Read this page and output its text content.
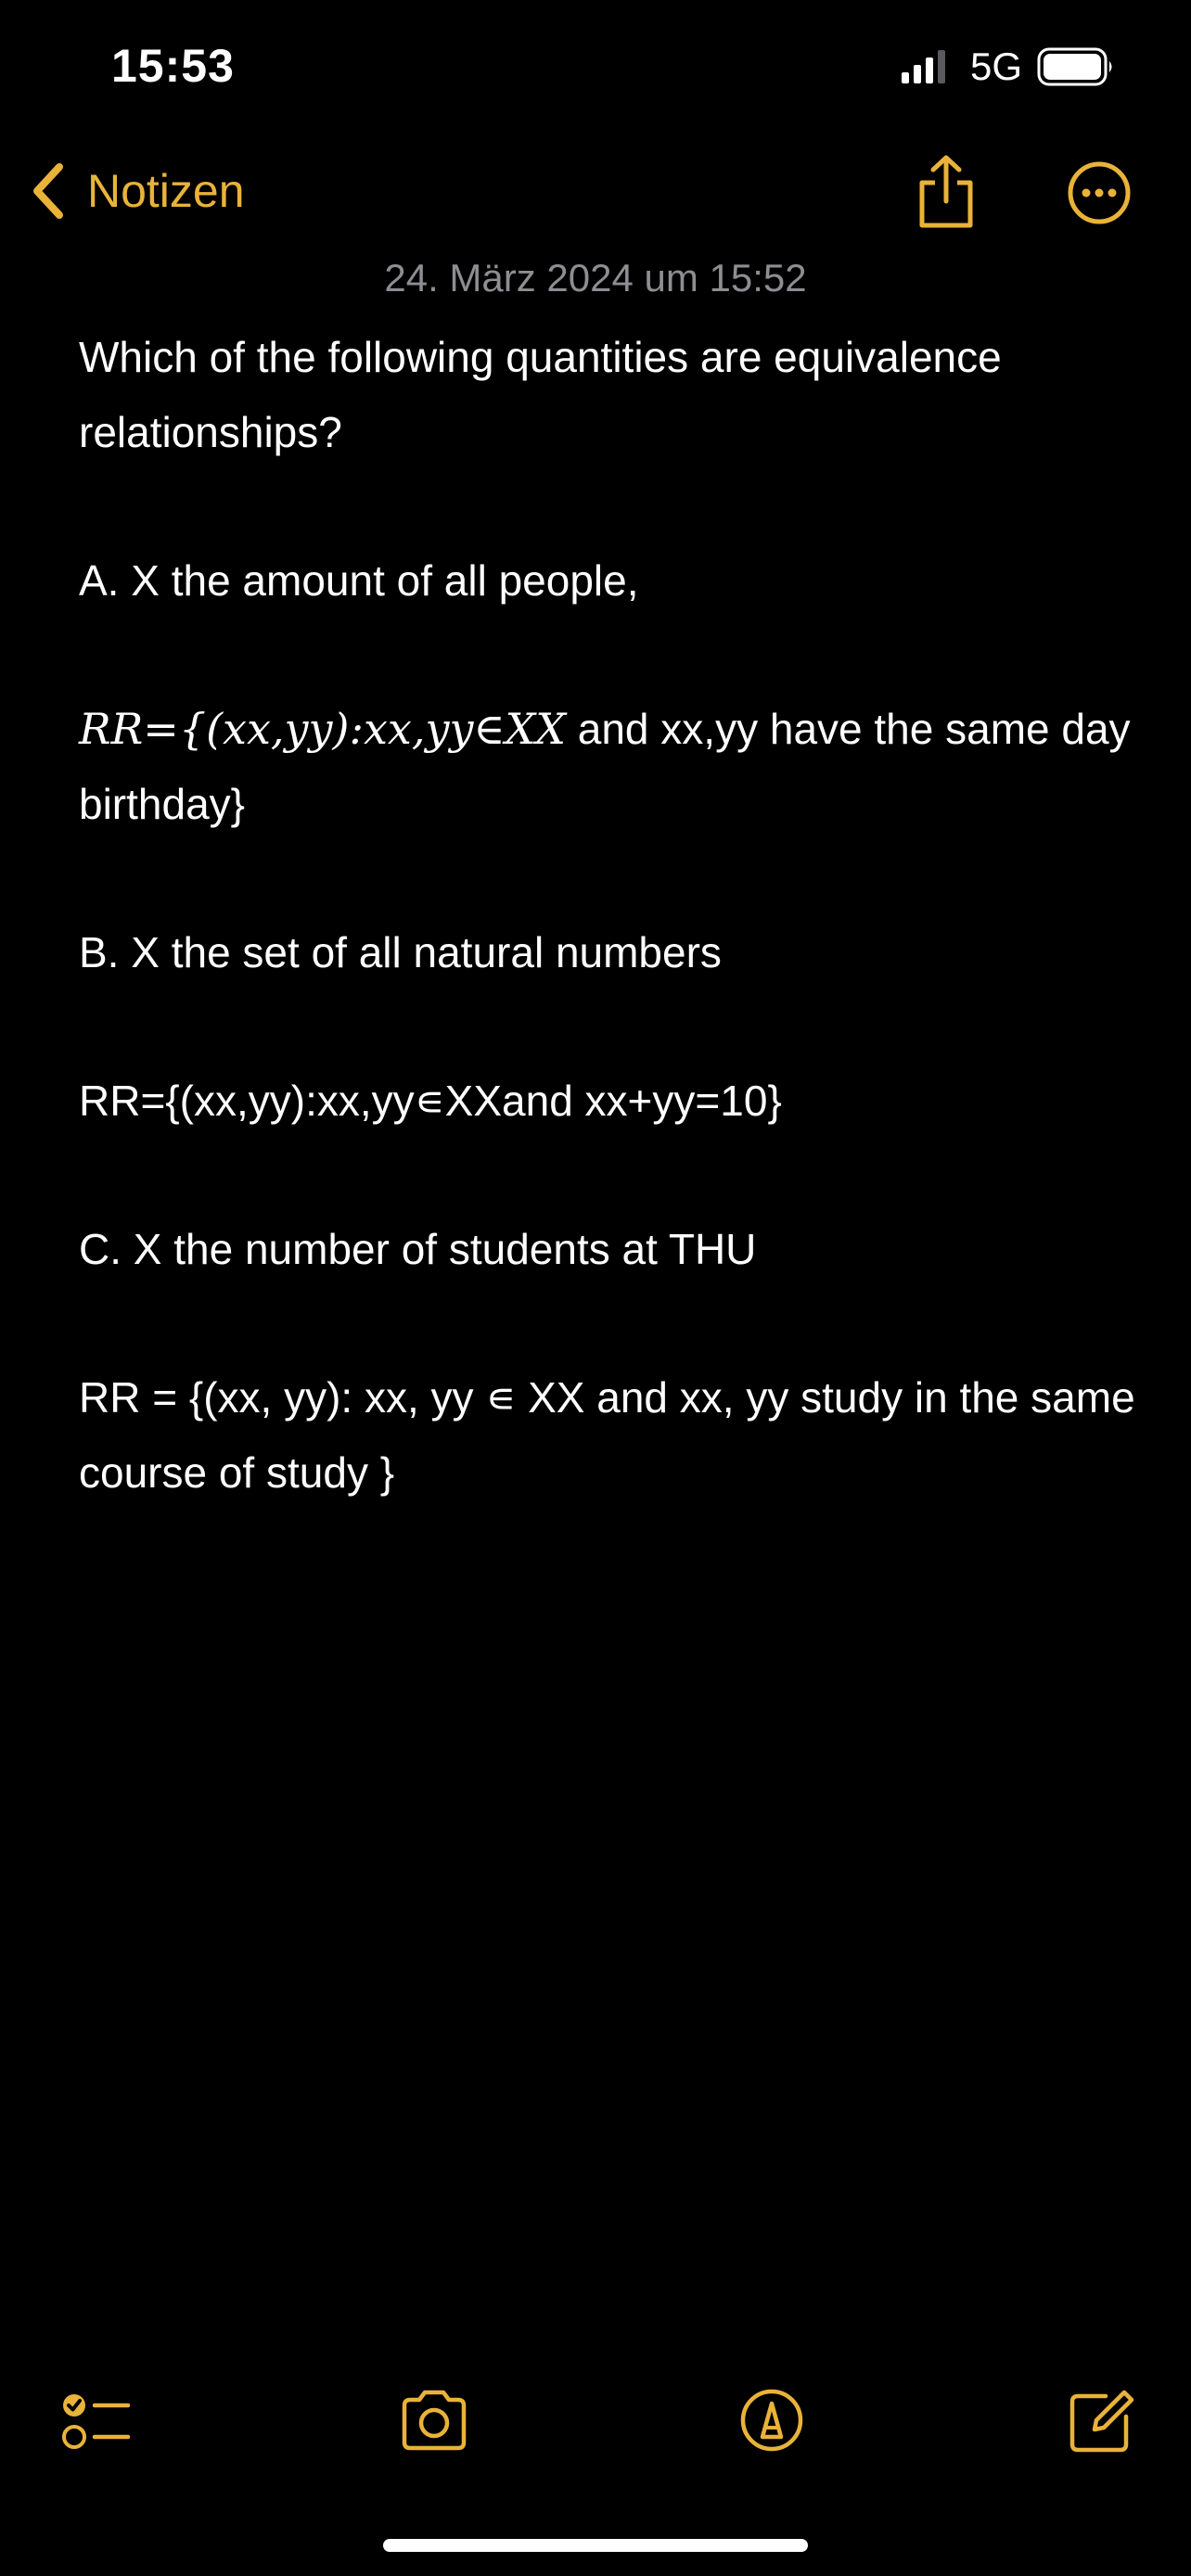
15:53	5G
Notizen
24. März 2024 um 15:52

Which of the following quantities are equivalence relationships?

A. X the amount of all people,

RR={(xx,yy):xx,yy∈XX and xx,yy have the same day birthday}

B. X the set of all natural numbers

RR={(xx,yy):xx,yy∊XXand xx+yy=10}

C. X the number of students at THU

RR = {(xx, yy): xx, yy ∊ XX and xx, yy study in the same course of study }
